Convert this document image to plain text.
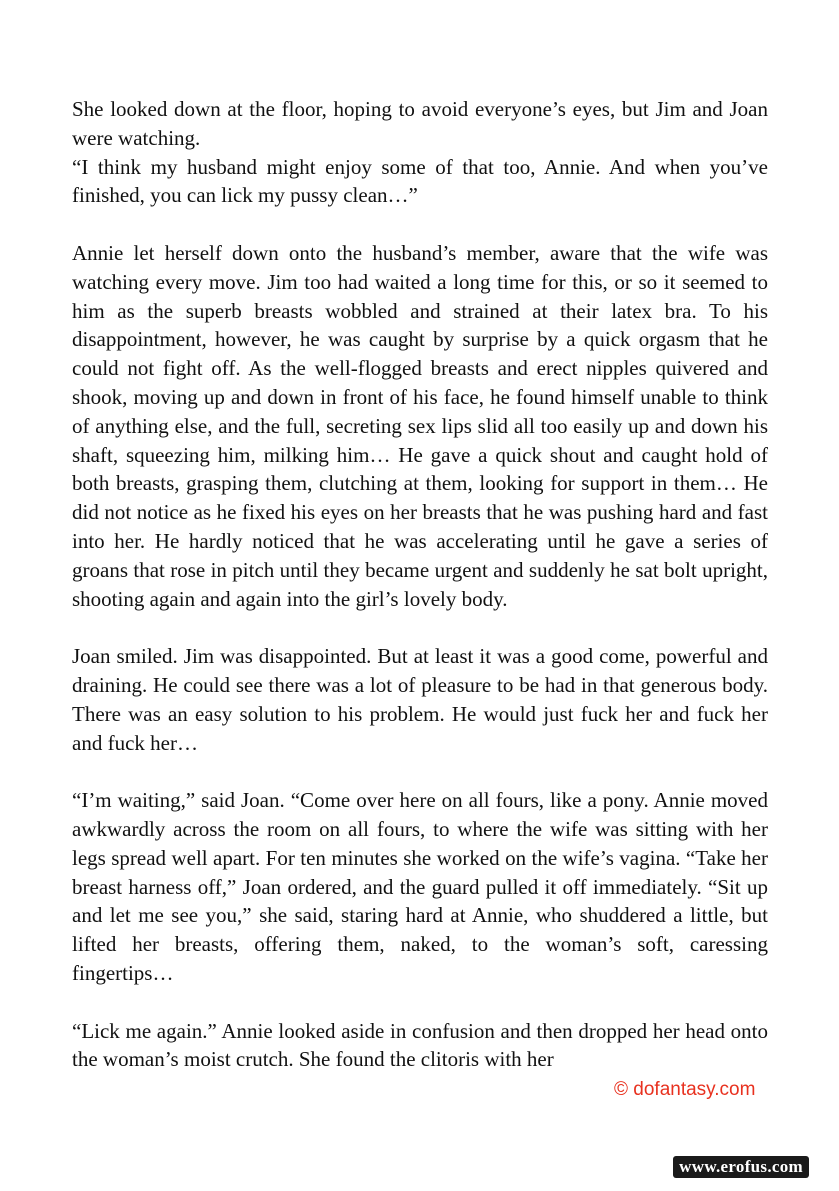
She looked down at the floor, hoping to avoid everyone’s eyes, but Jim and Joan were watching.

“I think my husband might enjoy some of that too, Annie. And when you’ve finished, you can lick my pussy clean…”

Annie let herself down onto the husband’s member, aware that the wife was watching every move. Jim too had waited a long time for this, or so it seemed to him as the superb breasts wobbled and strained at their latex bra. To his disappointment, however, he was caught by surprise by a quick orgasm that he could not fight off. As the well-flogged breasts and erect nipples quivered and shook, moving up and down in front of his face, he found himself unable to think of anything else, and the full, secreting sex lips slid all too easily up and down his shaft, squeezing him, milking him… He gave a quick shout and caught hold of both breasts, grasping them, clutching at them, looking for support in them… He did not notice as he fixed his eyes on her breasts that he was pushing hard and fast into her. He hardly noticed that he was accelerating until he gave a series of groans that rose in pitch until they became urgent and suddenly he sat bolt upright, shooting again and again into the girl’s lovely body.

Joan smiled. Jim was disappointed. But at least it was a good come, powerful and draining. He could see there was a lot of pleasure to be had in that generous body. There was an easy solution to his problem. He would just fuck her and fuck her and fuck her…

“I’m waiting,” said Joan. “Come over here on all fours, like a pony. Annie moved awkwardly across the room on all fours, to where the wife was sitting with her legs spread well apart. For ten minutes she worked on the wife’s vagina. “Take her breast harness off,” Joan ordered, and the guard pulled it off immediately. “Sit up and let me see you,” she said, staring hard at Annie, who shuddered a little, but lifted her breasts, offering them, naked, to the woman’s soft, caressing fingertips…

“Lick me again.” Annie looked aside in confusion and then dropped her head onto the woman’s moist crutch. She found the clitoris with her

© dofantasy.com
www.erofus.com
